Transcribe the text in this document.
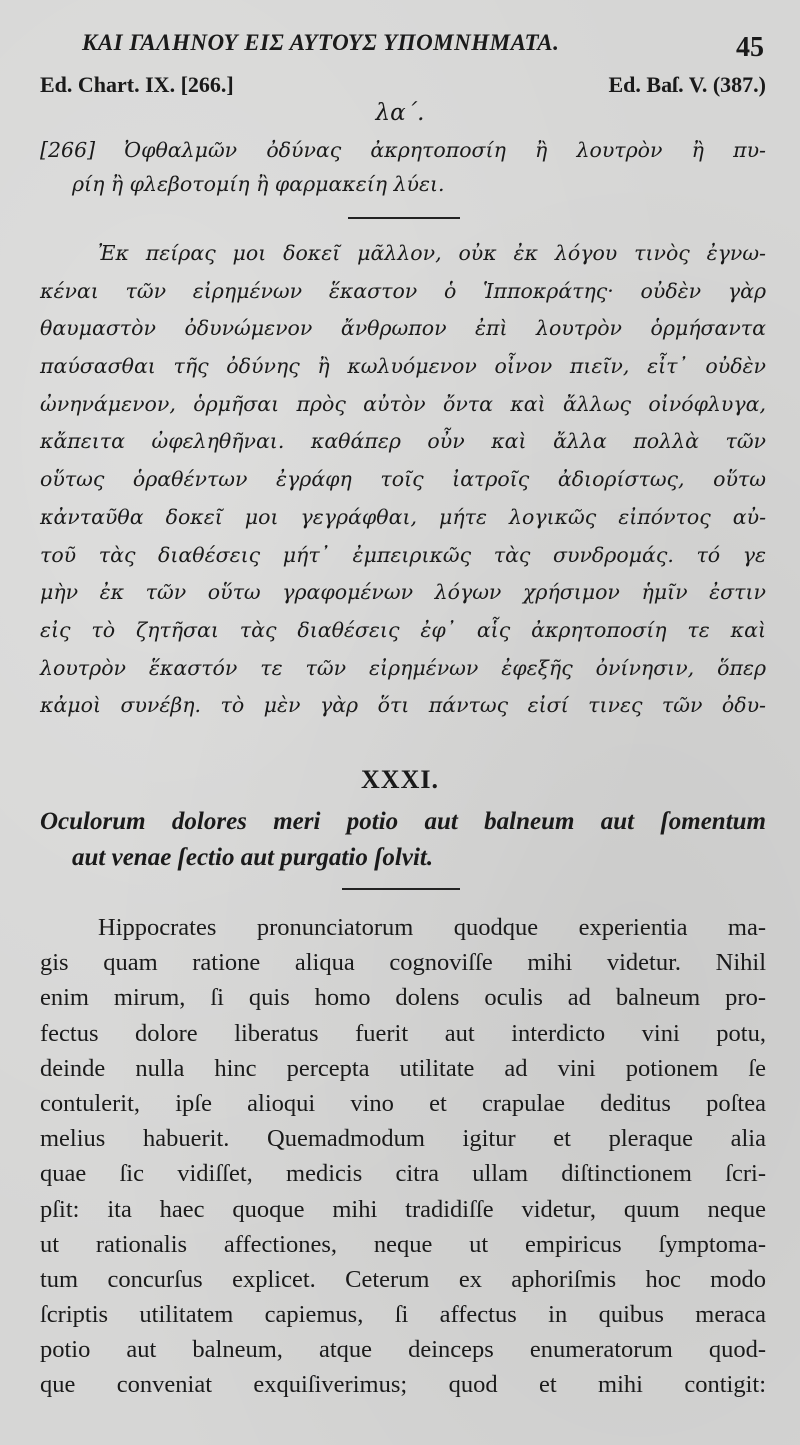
ΚΑΙ ΓΑΛΗΝΟΥ ΕΙΣ ΑΥΤΟΥΣ ΥΠΟΜΝΗΜΑΤΑ.	45
Ed. Chart. IX. [266.]	Ed. Baſ. V. (387.)
λα΄.
[266] Ὀφθαλμῶν ὀδύνας ἀκρητοποσίη ἢ λουτρὸν ἢ πυ-
ρίη ἢ φλεβοτομίη ἢ φαρμακείη λύει.
Ἐκ πείρας μοι δοκεῖ μᾶλλον, οὐκ ἐκ λόγου τινὸς ἐγνω-
κέναι τῶν εἰρημένων ἕκαστον ὁ Ἱπποκράτης· οὐδὲν γὰρ
θαυμαστὸν ὀδυνώμενον ἄνθρωπον ἐπὶ λουτρὸν ὁρμήσαντα
παύσασθαι τῆς ὀδύνης ἢ κωλυόμενον οἶνον πιεῖν, εἶτ᾽ οὐδὲν
ὠνηνάμενον, ὁρμῆσαι πρὸς αὐτὸν ὄντα καὶ ἄλλως οἰνόφλυγα,
κἄπειτα ὠφεληθῆναι. καθάπερ οὖν καὶ ἄλλα πολλὰ τῶν
οὕτως ὁραθέντων ἐγράφη τοῖς ἰατροῖς ἀδιορίστως, οὕτω
κἀνταῦθα δοκεῖ μοι γεγράφθαι, μήτε λογικῶς εἰπόντος αὐ-
τοῦ τὰς διαθέσεις μήτ᾽ ἐμπειρικῶς τὰς συνδρομάς. τό γε
μὴν ἐκ τῶν οὕτω γραφομένων λόγων χρήσιμον ἡμῖν ἐστιν
εἰς τὸ ζητῆσαι τὰς διαθέσεις ἐφ᾽ αἷς ἀκρητοποσίη τε καὶ
λουτρὸν ἕκαστόν τε τῶν εἰρημένων ἐφεξῆς ὀνίνησιν, ὅπερ
κἀμοὶ συνέβη. τὸ μὲν γὰρ ὅτι πάντως εἰσί τινες τῶν ὀδυ-
XXXI.
Oculorum dolores meri potio aut balneum aut ſomentum
aut venae ſectio aut purgatio ſolvit.
Hippocrates pronunciatorum quodque experientia ma-
gis quam ratione aliqua cognoviſſe mihi videtur. Nihil
enim mirum, ſi quis homo dolens oculis ad balneum pro-
fectus dolore liberatus fuerit aut interdicto vini potu,
deinde nulla hinc percepta utilitate ad vini potionem ſe
contulerit, ipſe alioqui vino et crapulae deditus poſtea
melius habuerit. Quemadmodum igitur et pleraque alia
quae ſic vidiſſet, medicis citra ullam diſtinctionem ſcri-
pſit: ita haec quoque mihi tradidiſſe videtur, quum neque
ut rationalis affectiones, neque ut empiricus ſymptoma-
tum concurſus explicet. Ceterum ex aphoriſmis hoc modo
ſcriptis utilitatem capiemus, ſi affectus in quibus meraca
potio aut balneum, atque deinceps enumeratorum quod-
que conveniat exquiſiverimus; quod et mihi contigit:
